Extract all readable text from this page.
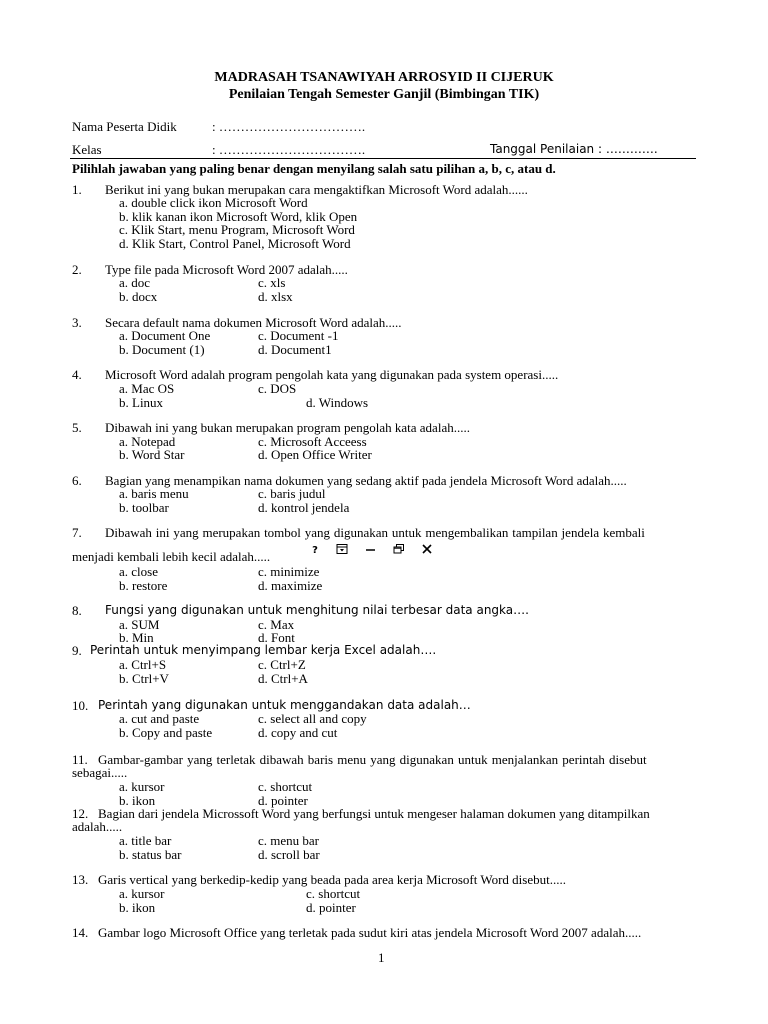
MADRASAH TSANAWIYAH ARROSYID II CIJERUK
Penilaian Tengah Semester Ganjil (Bimbingan TIK)
Nama Peserta Didik	: …………………………….
Kelas	: …………………………….	Tanggal Penilaian : ………….
Pilihlah jawaban yang paling benar dengan menyilang salah satu pilihan a, b, c, atau d.
1. Berikut ini yang bukan merupakan cara mengaktifkan Microsoft Word adalah......
a. double click ikon Microsoft Word
b. klik kanan ikon Microsoft Word, klik Open
c. Klik Start, menu Program, Microsoft Word
d. Klik Start, Control Panel, Microsoft Word
2. Type file pada Microsoft Word 2007 adalah.....
a. doc	c. xls
b. docx	d. xlsx
3. Secara default nama dokumen Microsoft Word adalah.....
a. Document One	c. Document -1
b. Document (1)	d. Document1
4. Microsoft Word adalah program pengolah kata yang digunakan pada system operasi.....
a. Mac OS	c. DOS
b. Linux	d. Windows
5. Dibawah ini yang bukan merupakan program pengolah kata adalah.....
a. Notepad	c. Microsoft Acceess
b. Word Star	d. Open Office Writer
6. Bagian yang menampikan nama dokumen yang sedang aktif pada jendela Microsoft Word adalah.....
a. baris menu	c. baris judul
b. toolbar	d. kontrol jendela
7. Dibawah ini yang merupakan tombol yang digunakan untuk mengembalikan tampilan jendela kembali
menjadi kembali lebih kecil adalah.....	?
a. close	c. minimize
b. restore	d. maximize
8. Fungsi yang digunakan untuk menghitung nilai terbesar data angka….
a. SUM	c. Max
b. Min	d. Font
9. Perintah untuk menyimpang lembar kerja Excel adalah….
a. Ctrl+S	c. Ctrl+Z
b. Ctrl+V	d. Ctrl+A
10. Perintah yang digunakan untuk menggandakan data adalah…
a. cut and paste	c. select all and copy
b. Copy and paste	d. copy and cut
11. Gambar-gambar yang terletak dibawah baris menu yang digunakan untuk menjalankan perintah disebut
sebagai.....
a. kursor	c. shortcut
b. ikon	d. pointer
12. Bagian dari jendela Microssoft Word yang berfungsi untuk mengeser halaman dokumen yang ditampilkan
adalah.....
a. title bar	c. menu bar
b. status bar	d. scroll bar
13. Garis vertical yang berkedip-kedip yang beada pada area kerja Microsoft Word disebut.....
a. kursor	c. shortcut
b. ikon	d. pointer
14. Gambar logo Microsoft Office yang terletak pada sudut kiri atas jendela Microsoft Word 2007 adalah.....
1
